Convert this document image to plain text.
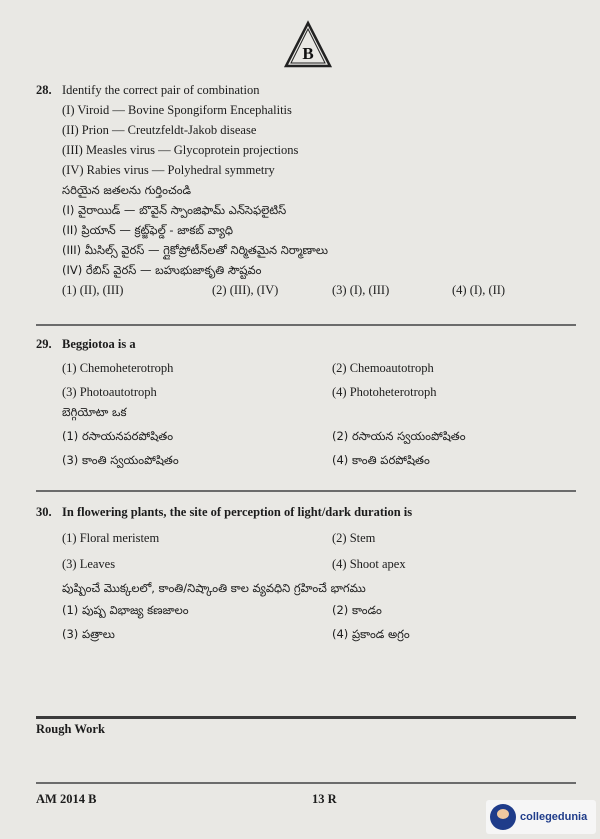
B
28. Identify the correct pair of combination
(I) Viroid — Bovine Spongiform Encephalitis
(II) Prion — Creutzfeldt-Jakob disease
(III) Measles virus — Glycoprotein projections
(IV) Rabies virus — Polyhedral symmetry
సరియైన జతలను గుర్తించండి
(I) వైరాయిడ్ — బొవైన్ స్పాంజిఫామ్ ఎన్‌సెఫలైటిస్
(II) ప్రియాన్ — క్రట్జ్‌ఫెల్డ్ - జాకబ్ వ్యాధి
(III) మీసిల్స్ వైరస్ — గ్లైకోప్రోటీన్‌లతో నిర్మితమైన నిర్మాణాలు
(IV) రేబిస్ వైరస్ — బహుభుజాకృతి సౌష్టవం
(1) (II), (III)	(2) (III), (IV)	(3) (I), (III)	(4) (I), (II)
29. Beggiotoa is a
(1) Chemoheterotroph	(2) Chemoautotroph
(3) Photoautotroph	(4) Photoheterotroph
బెగ్గియోటా ఒక
(1) రసాయనపరపోషితం	(2) రసాయన స్వయంపోషితం
(3) కాంతి స్వయంపోషితం	(4) కాంతి పరపోషితం
30. In flowering plants, the site of perception of light/dark duration is
(1) Floral meristem	(2) Stem
(3) Leaves	(4) Shoot apex
పుష్పించే మొక్కలలో, కాంతి/నిష్కాంతి కాల వ్యవధిని గ్రహించే భాగము
(1) పుష్ప విభాజ్య కణజాలం	(2) కాండం
(3) పత్రాలు	(4) ప్రకాండ అగ్రం
Rough Work
AM 2014 B	13 R
collegedunia
